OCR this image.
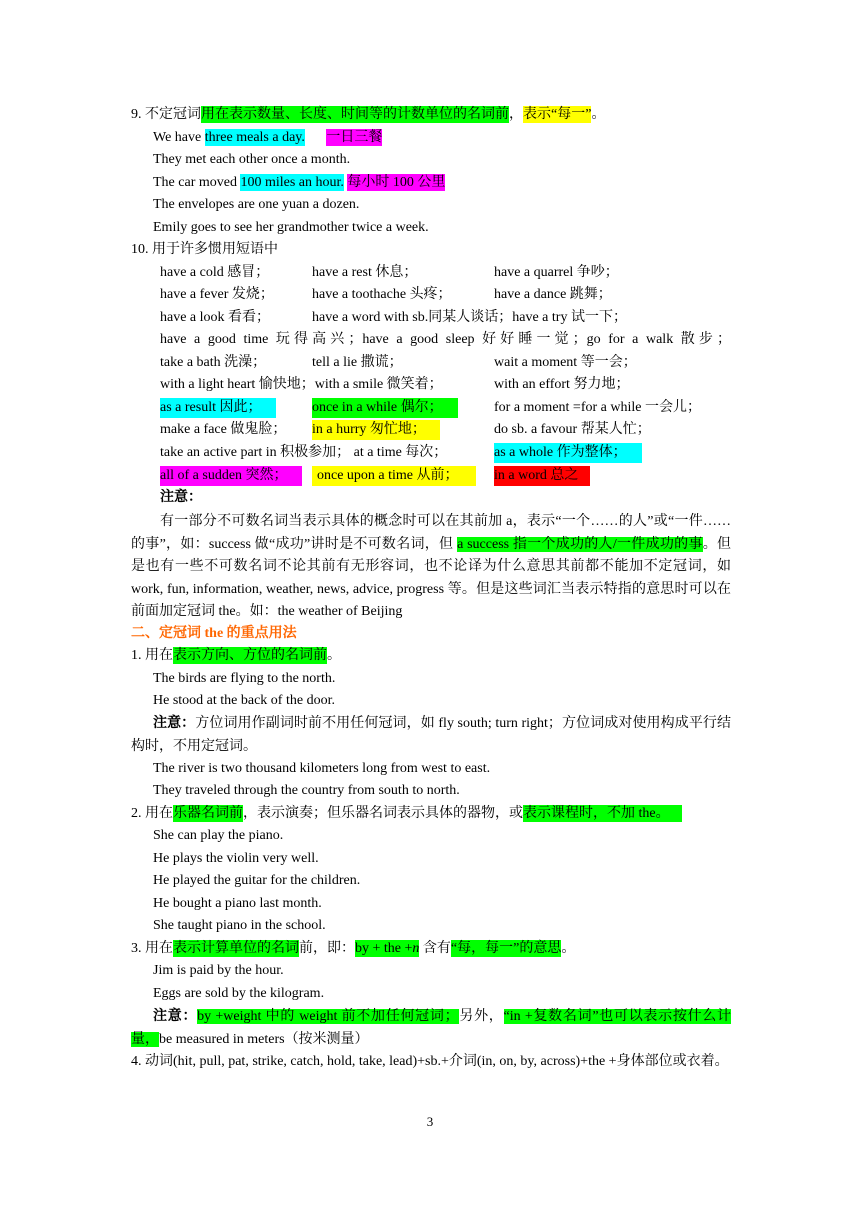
9. 不定冠词用在表示数量、长度、时间等的计数单位的名词前，表示“每一”。
We have three meals a day. 一日三餐
They met each other once a month.
The car moved 100 miles an hour. 每小时 100 公里
The envelopes are one yuan a dozen.
Emily goes to see her grandmother twice a week.
10. 用于许多惯用短语中
have a cold 感冒；	have a rest 休息；	have a quarrel 争吵；
have a fever 发烧；	have a toothache 头疼；	have a dance 跳舞；
have a look 看看；	have a word with sb.同某人谈话；have a try 试一下；
have a good time 玩得高兴；have a good sleep 好好睡一觉；go for a walk 散步；
take a bath 洗澡；	tell a lie 撒谎；	wait a moment 等一会；
with a light heart 愉快地；with a smile 微笑着；	with an effort 努力地；
as a result 因此；	once in a while 偶尔；	for a moment =for a while 一会儿；
make a face 做鬼脸； in a hurry 匆忙地；	do sb. a favour 帮某人忙；
take an active part in 积极参加； at a time 每次；	as a whole 作为整体；
all of a sudden 突然；	once upon a time 从前；	in a word 总之
注意：
有一部分不可数名词当表示具体的概念时可以在其前加 a，表示“一个……的人”或“一件……的事”，如：success 做“成功”讲时是不可数名词，但 a success 指一个成功的人/一件成功的事。但是也有一些不可数名词不论其前有无形容词，也不论译为什么意思其前都不能加不定冠词，如 work, fun, information, weather, news, advice, progress 等。但是这些词汇当表示特指的意思时可以在前面加定冠词 the。如：the weather of Beijing
二、定冠词 the 的重点用法
1. 用在表示方向、方位的名词前。
The birds are flying to the north.
He stood at the back of the door.
注意：方位词用作副词时前不用任何冠词，如 fly south; turn right；方位词成对使用构成平行结构时，不用定冠词。
The river is two thousand kilometers long from west to east.
They traveled through the country from south to north.
2. 用在乐器名词前，表示演奏；但乐器名词表示具体的器物，或表示课程时，不加 the。
She can play the piano.
He plays the violin very well.
He played the guitar for the children.
He bought a piano last month.
She taught piano in the school.
3. 用在表示计算单位的名词前，即：by + the +n 含有“每，每一”的意思。
Jim is paid by the hour.
Eggs are sold by the kilogram.
注意：by +weight 中的 weight 前不加任何冠词；另外，“in +复数名词”也可以表示按什么计量，be measured in meters（按米测量）
4. 动词(hit, pull, pat, strike, catch, hold, take, lead)+sb.+介词(in, on, by, across)+the +身体部位或衣着。
3
